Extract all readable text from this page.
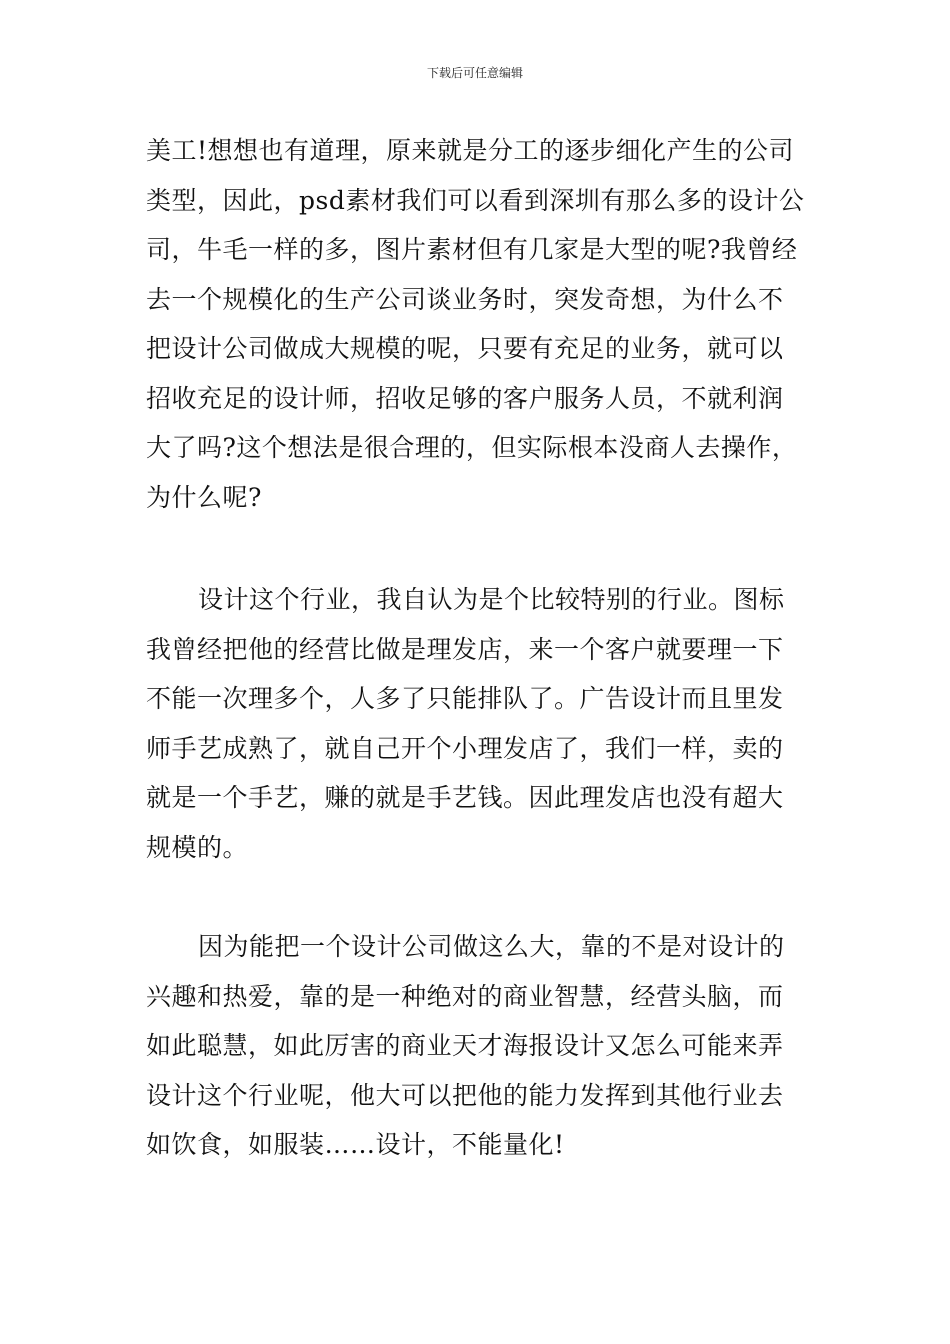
下载后可任意编辑
美工!想想也有道理，原来就是分工的逐步细化产生的公司
类型，因此，psd素材我们可以看到深圳有那么多的设计公
司，牛毛一样的多，图片素材但有几家是大型的呢?我曾经
去一个规模化的生产公司谈业务时，突发奇想，为什么不
把设计公司做成大规模的呢，只要有充足的业务，就可以
招收充足的设计师，招收足够的客户服务人员，不就利润
大了吗?这个想法是很合理的，但实际根本没商人去操作，
为什么呢?
设计这个行业，我自认为是个比较特别的行业。图标
我曾经把他的经营比做是理发店，来一个客户就要理一下
不能一次理多个，人多了只能排队了。广告设计而且里发
师手艺成熟了，就自己开个小理发店了，我们一样，卖的
就是一个手艺，赚的就是手艺钱。因此理发店也没有超大
规模的。
因为能把一个设计公司做这么大，靠的不是对设计的
兴趣和热爱，靠的是一种绝对的商业智慧，经营头脑，而
如此聪慧，如此厉害的商业天才海报设计又怎么可能来弄
设计这个行业呢，他大可以把他的能力发挥到其他行业去
如饮食，如服装……设计，不能量化!
